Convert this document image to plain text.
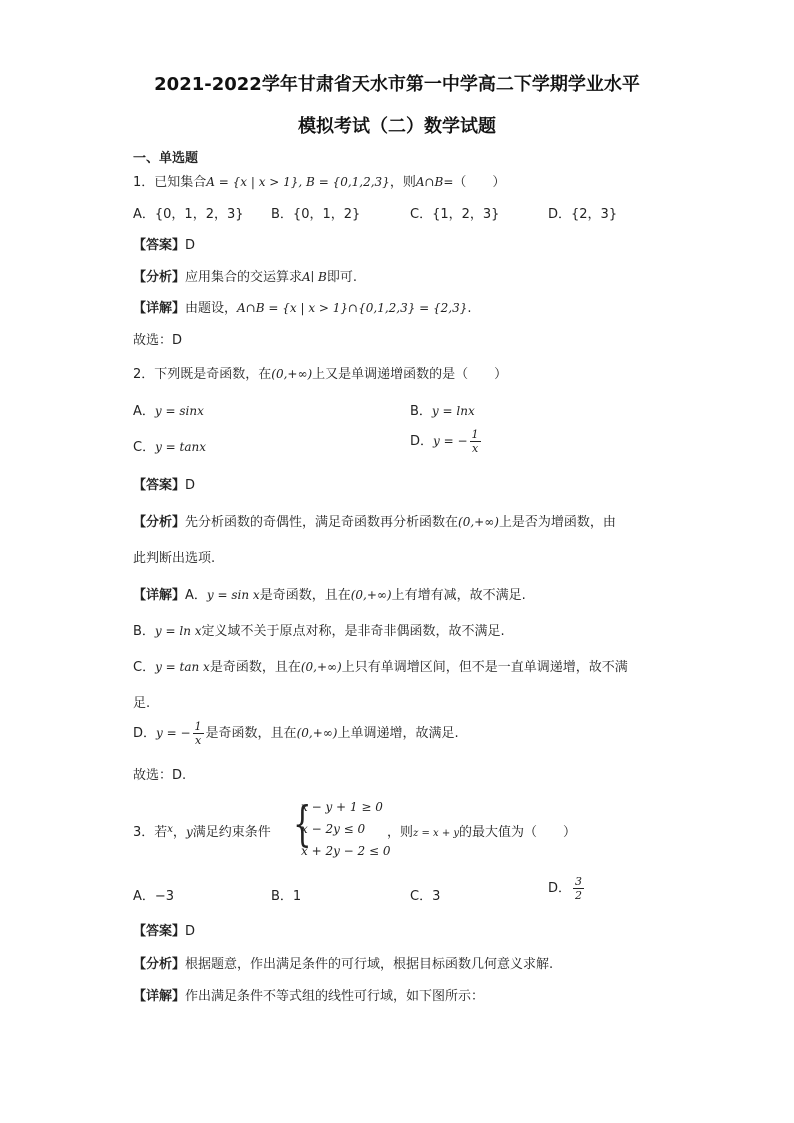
2021-2022学年甘肃省天水市第一中学高二下学期学业水平
模拟考试（二）数学试题
一、单选题
1．已知集合A = {x | x > 1}, B = {0,1,2,3}，则A∩B=（　　）
A．{0，1，2，3} B．{0，1，2}	C．{1，2，3}	D．{2，3}
【答案】D
【分析】应用集合的交运算求A∣ B即可.
【详解】由题设，A∩B = {x | x > 1}∩{0,1,2,3} = {2,3}.
故选：D
2．下列既是奇函数，在(0,+∞)上又是单调递增函数的是（　　）
A．y = sinx	B．y = lnx
C．y = tanx	D．y = − $\frac{1}{x}$
【答案】D
【分析】先分析函数的奇偶性，满足奇函数再分析函数在(0,+∞)上是否为增函数，由
此判断出选项.
【详解】A．y = sin x是奇函数，且在(0,+∞)上有增有减，故不满足.
B．y = ln x定义域不关于原点对称，是非奇非偶函数，故不满足.
C．y = tan x是奇函数，且在(0,+∞)上只有单调增区间，但不是一直单调递增，故不满
足.
D．y = − $\frac{1}{x}$ 是奇函数，且在(0,+∞)上单调递增，故满足.
故选：D.
3．若$^x$，y满足约束条件 {
x − y + 1 ≥ 0
x − 2y ≤ 0
x + 2y − 2 ≤ 0
，则z = x + y的最大值为（　　）
A．−3	B．1	C．3
D． $\frac{3}{2}$
【答案】D
【分析】根据题意，作出满足条件的可行域，根据目标函数几何意义求解.
【详解】作出满足条件不等式组的线性可行域，如下图所示：
